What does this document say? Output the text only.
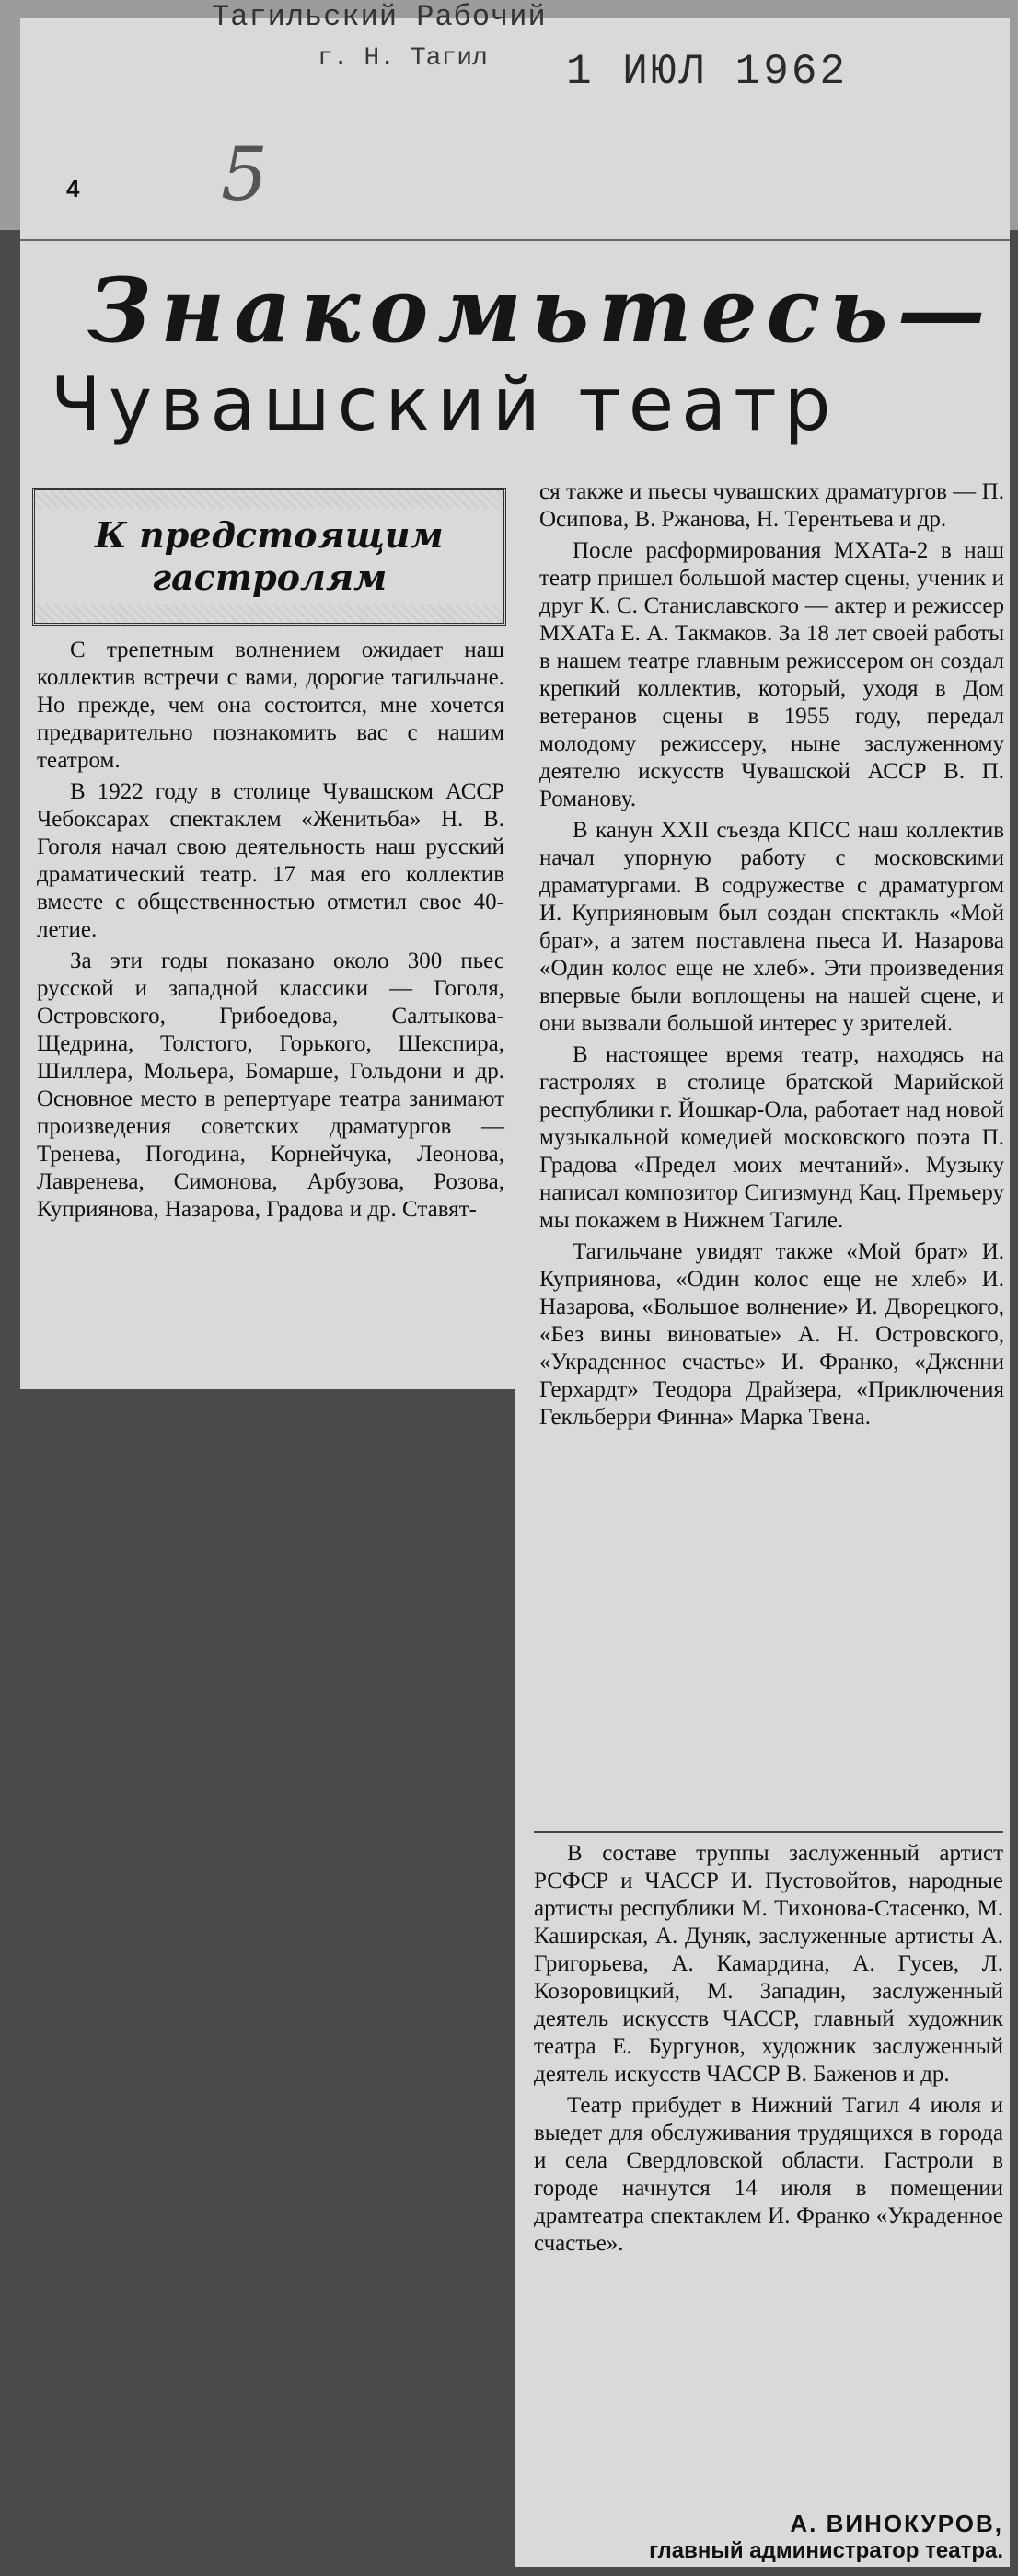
Тагильский Рабочий
г. Н. Тагил 1 ИЮЛ 1962
4 5
Знакомьтесь—
Чувашский театр
К предстоящим гастролям

С трепетным волнением ожидает наш коллектив встречи с вами, дорогие тагильчане. Но прежде, чем она состоится, мне хочется предварительно познакомить вас с нашим театром.

В 1922 году в столице Чувашском АССР Чебоксарах спектаклем «Женитьба» Н. В. Гоголя начал свою деятельность наш русский драматический театр. 17 мая его коллектив вместе с общественностью отметил свое 40-летие.

За эти годы показано около 300 пьес русской и западной классики — Гоголя, Островского, Грибоедова, Салтыкова-Щедрина, Толстого, Горького, Шекспира, Шиллера, Мольера, Бомарше, Гольдони и др. Основное место в репертуаре театра занимают произведения советских драматургов —Тренева, Погодина, Корнейчука, Леонова, Лавренева, Симонова, Арбузова, Розова, Куприянова, Назарова, Градова и др. Ставят-

ся также и пьесы чувашских драматургов — П. Осипова, В. Ржанова, Н. Терентьева и др.

После расформирования МХАТа-2 в наш театр пришел большой мастер сцены, ученик и друг К. С. Станиславского — актер и режиссер МХАТа Е. А. Такмаков. За 18 лет своей работы в нашем театре главным режиссером он создал крепкий коллектив, который, уходя в Дом ветеранов сцены в 1955 году, передал молодому режиссеру, ныне заслуженному деятелю искусств Чувашской АССР В. П. Романову.

В канун XXII съезда КПСС наш коллектив начал упорную работу с московскими драматургами. В содружестве с драматургом И. Куприяновым был создан спектакль «Мой брат», а затем поставлена пьеса И. Назарова «Один колос еще не хлеб». Эти произведения впервые были воплощены на нашей сцене, и они вызвали большой интерес у зрителей.

В настоящее время театр, находясь на гастролях в столице братской Марийской республики г. Йошкар-Ола, работает над новой музыкальной комедией московского поэта П. Градова «Предел моих мечтаний». Музыку написал композитор Сигизмунд Кац. Премьеру мы покажем в Нижнем Тагиле.

Тагильчане увидят также «Мой брат» И. Куприянова, «Один колос еще не хлеб» И. Назарова, «Большое волнение» И. Дворецкого, «Без вины виноватые» А. Н. Островского, «Украденное счастье» И. Франко, «Дженни Герхардт» Теодора Драйзера, «Приключения Гекльберри Финна» Марка Твена.

В составе труппы заслуженный артист РСФСР и ЧАССР И. Пустовойтов, народные артисты республики М. Тихонова-Стасенко, М. Каширская, А. Дуняк, заслуженные артисты А. Григорьева, А. Камардина, А. Гусев, Л. Козоровицкий, М. Западин, заслуженный деятель искусств ЧАССР, главный художник театра Е. Бургунов, художник заслуженный деятель искусств ЧАССР В. Баженов и др.

Театр прибудет в Нижний Тагил 4 июля и выедет для обслуживания трудящихся в города и села Свердловской области. Гастроли в городе начнутся 14 июля в помещении драмтеатра спектаклем И. Франко «Украденное счастье».

А. ВИНОКУРОВ,
главный администратор театра.
